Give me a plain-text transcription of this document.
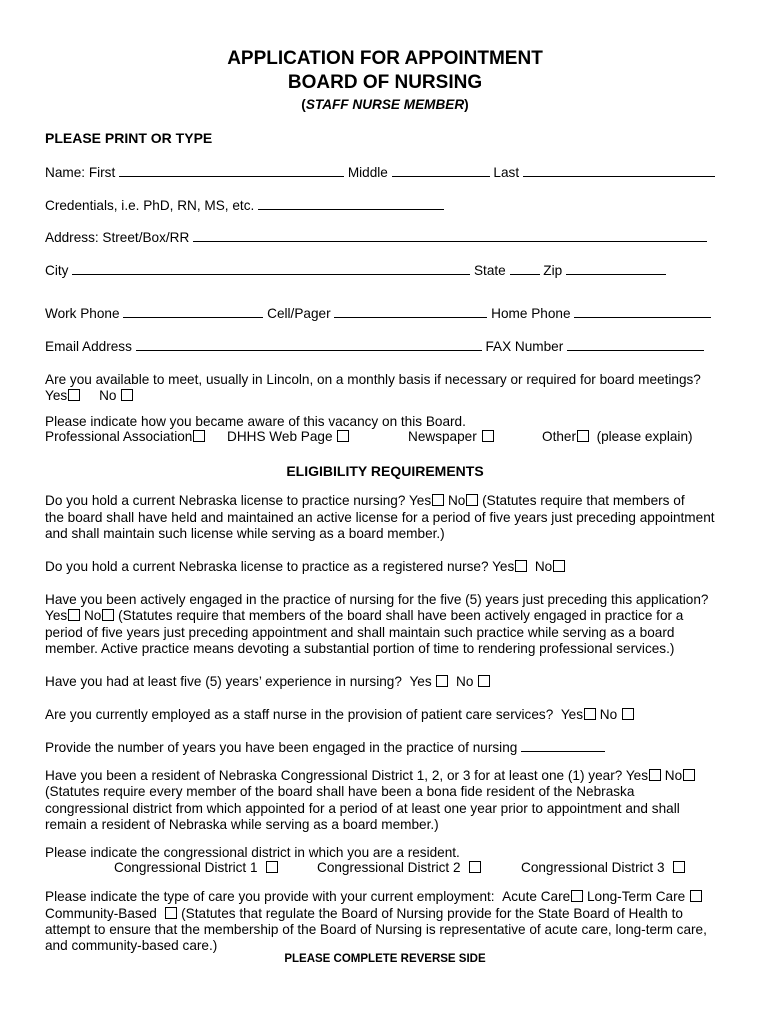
APPLICATION FOR APPOINTMENT
BOARD OF NURSING
(STAFF NURSE MEMBER)
PLEASE PRINT OR TYPE
Name: First	Middle	Last
Credentials, i.e. PhD, RN, MS, etc.
Address: Street/Box/RR
City	State	Zip
Work Phone	Cell/Pager	Home Phone
Email Address	FAX Number
Are you available to meet, usually in Lincoln, on a monthly basis if necessary or required for board meetings?
Yes No
Please indicate how you became aware of this vacancy on this Board.
Professional Association	DHHS Web Page	Newspaper	Other (please explain)
ELIGIBILITY REQUIREMENTS
Do you hold a current Nebraska license to practice nursing? Yes No (Statutes require that members of
the board shall have held and maintained an active license for a period of five years just preceding appointment
and shall maintain such license while serving as a board member.)
Do you hold a current Nebraska license to practice as a registered nurse? Yes No
Have you been actively engaged in the practice of nursing for the five (5) years just preceding this application?
Yes No (Statutes require that members of the board shall have been actively engaged in practice for a
period of five years just preceding appointment and shall maintain such practice while serving as a board
member. Active practice means devoting a substantial portion of time to rendering professional services.)
Have you had at least five (5) years’ experience in nursing? Yes No
Are you currently employed as a staff nurse in the provision of patient care services? Yes No
Provide the number of years you have been engaged in the practice of nursing
Have you been a resident of Nebraska Congressional District 1, 2, or 3 for at least one (1) year? Yes No
(Statutes require every member of the board shall have been a bona fide resident of the Nebraska
congressional district from which appointed for a period of at least one year prior to appointment and shall
remain a resident of Nebraska while serving as a board member.)
Please indicate the congressional district in which you are a resident.
Congressional District 1	Congressional District 2	Congressional District 3
Please indicate the type of care you provide with your current employment: Acute Care Long-Term Care
Community-Based (Statutes that regulate the Board of Nursing provide for the State Board of Health to
attempt to ensure that the membership of the Board of Nursing is representative of acute care, long-term care,
and community-based care.)
PLEASE COMPLETE REVERSE SIDE
